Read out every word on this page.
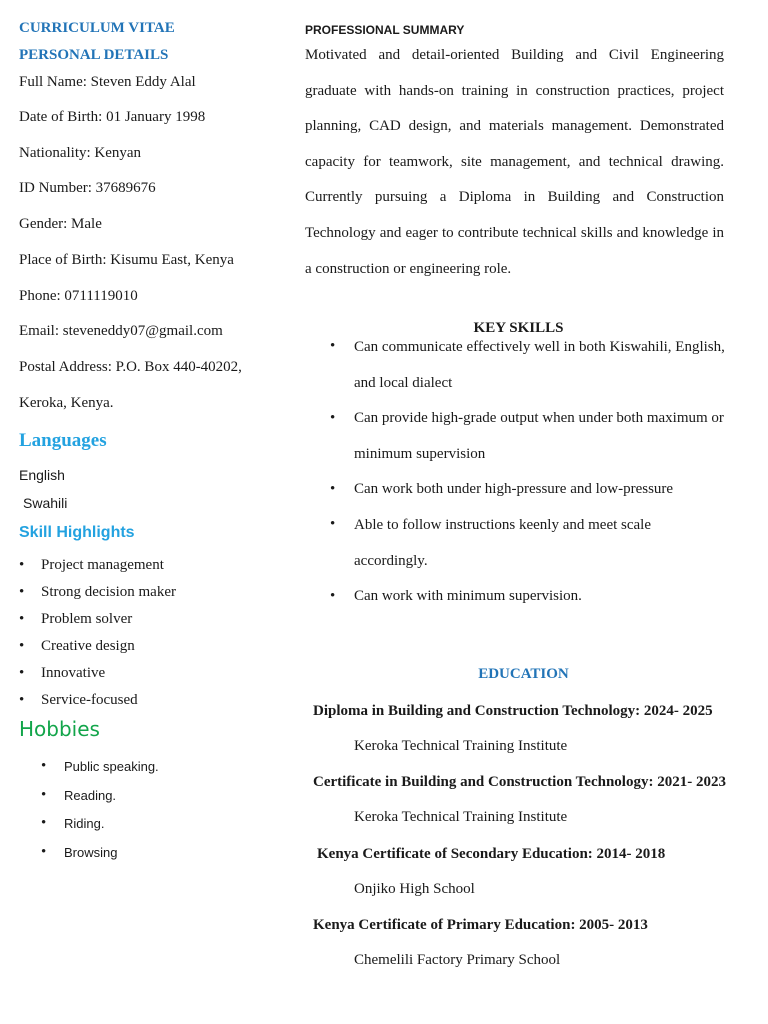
CURRICULUM VITAE
PERSONAL DETAILS
Full Name: Steven Eddy Alal
Date of Birth: 01 January 1998
Nationality: Kenyan
ID Number: 37689676
Gender: Male
Place of Birth: Kisumu East, Kenya
Phone: 0711119010
Email: steveneddy07@gmail.com
Postal Address: P.O. Box 440-40202,
Keroka, Kenya.
Languages
English
Swahili
Skill Highlights
• Project management
• Strong decision maker
• Problem solver
• Creative design
• Innovative
• Service-focused
Hobbies
• Public speaking.
• Reading.
• Riding.
• Browsing
PROFESSIONAL SUMMARY
Motivated and detail-oriented Building and Civil Engineering graduate with hands-on training in construction practices, project planning, CAD design, and materials management. Demonstrated capacity for teamwork, site management, and technical drawing. Currently pursuing a Diploma in Building and Construction Technology and eager to contribute technical skills and knowledge in a construction or engineering role.
KEY SKILLS
• Can communicate effectively well in both Kiswahili, English, and local dialect
• Can provide high-grade output when under both maximum or minimum supervision
• Can work both under high-pressure and low-pressure
• Able to follow instructions keenly and meet scale accordingly.
• Can work with minimum supervision.
EDUCATION
Diploma in Building and Construction Technology: 2024- 2025
Keroka Technical Training Institute
Certificate in Building and Construction Technology: 2021- 2023
Keroka Technical Training Institute
Kenya Certificate of Secondary Education: 2014- 2018
Onjiko High School
Kenya Certificate of Primary Education: 2005- 2013
Chemelili Factory Primary School
